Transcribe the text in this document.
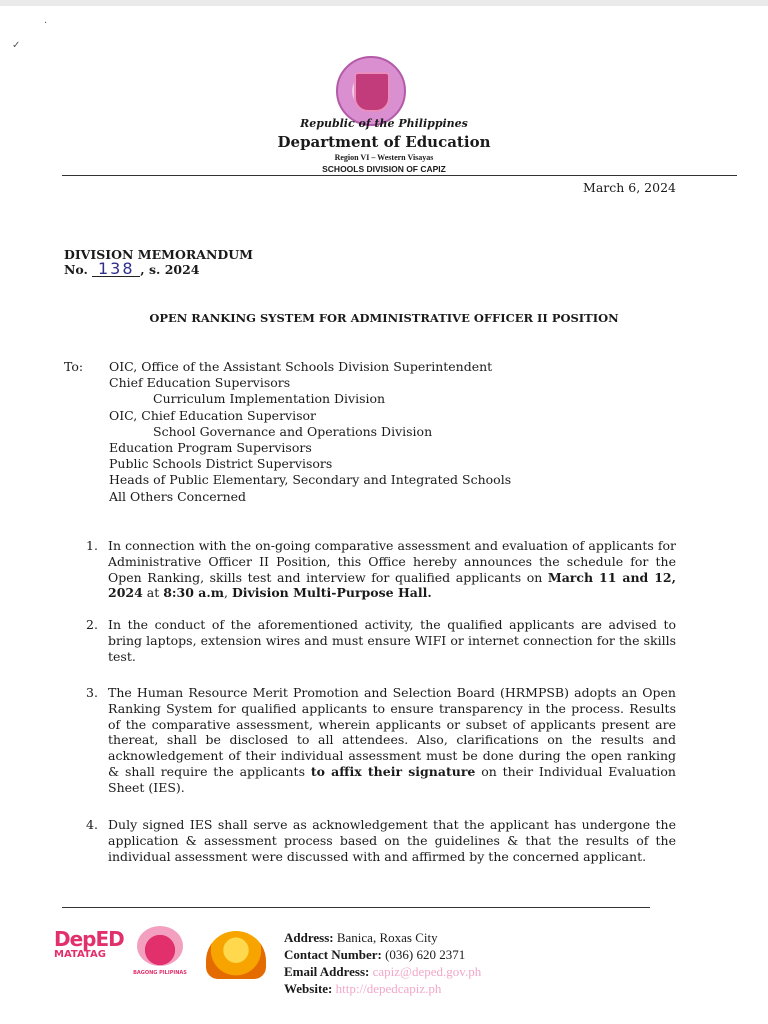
·
✓
Republic of the Philippines
Department of Education
Region VI – Western Visayas
SCHOOLS DIVISION OF CAPIZ
March 6, 2024
DIVISION MEMORANDUM
No. 138 , s. 2024
OPEN RANKING SYSTEM FOR ADMINISTRATIVE OFFICER II POSITION
To: OIC, Office of the Assistant Schools Division Superintendent
Chief Education Supervisors
Curriculum Implementation Division
OIC, Chief Education Supervisor
School Governance and Operations Division
Education Program Supervisors
Public Schools District Supervisors
Heads of Public Elementary, Secondary and Integrated Schools
All Others Concerned
1. In connection with the on-going comparative assessment and evaluation of applicants for Administrative Officer II Position, this Office hereby announces the schedule for the Open Ranking, skills test and interview for qualified applicants on March 11 and 12, 2024 at 8:30 a.m, Division Multi-Purpose Hall.
2. In the conduct of the aforementioned activity, the qualified applicants are advised to bring laptops, extension wires and must ensure WIFI or internet connection for the skills test.
3. The Human Resource Merit Promotion and Selection Board (HRMPSB) adopts an Open Ranking System for qualified applicants to ensure transparency in the process. Results of the comparative assessment, wherein applicants or subset of applicants present are thereat, shall be disclosed to all attendees. Also, clarifications on the results and acknowledgement of their individual assessment must be done during the open ranking & shall require the applicants to affix their signature on their Individual Evaluation Sheet (IES).
4. Duly signed IES shall serve as acknowledgement that the applicant has undergone the application & assessment process based on the guidelines & that the results of the individual assessment were discussed with and affirmed by the concerned applicant.
DepED
MATATAG
BAGONG PILIPINAS
Address: Banica, Roxas City
Contact Number: (036) 620 2371
Email Address: capiz@deped.gov.ph
Website: http://depedcapiz.ph
